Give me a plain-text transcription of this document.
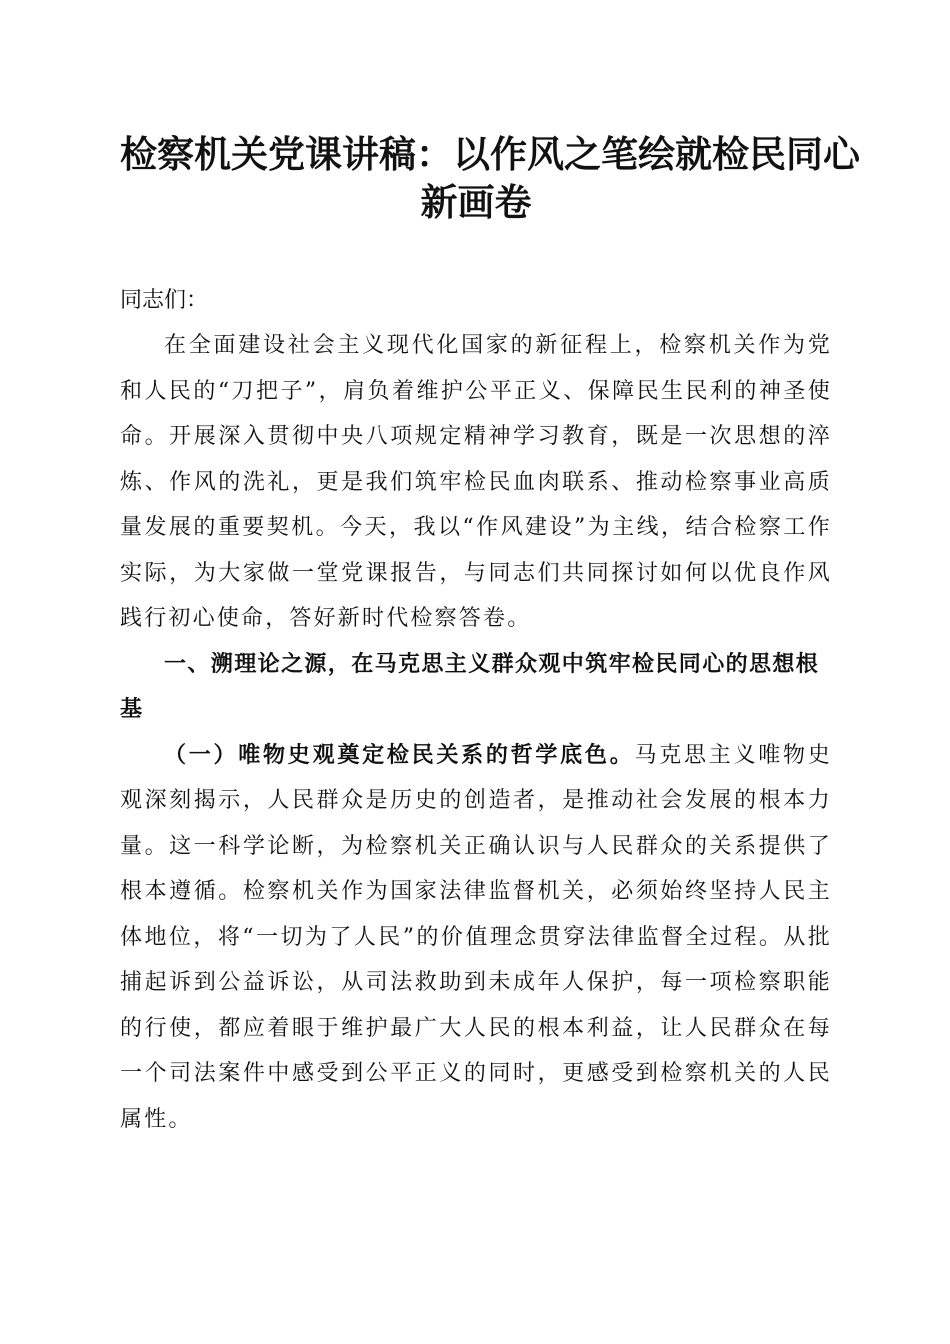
检察机关党课讲稿：以作风之笔绘就检民同心
新画卷

同志们：

在全面建设社会主义现代化国家的新征程上，检察机关作为党和人民的“刀把子”，肩负着维护公平正义、保障民生民利的神圣使命。开展深入贯彻中央八项规定精神学习教育，既是一次思想的淬炼、作风的洗礼，更是我们筑牢检民血肉联系、推动检察事业高质量发展的重要契机。今天，我以“作风建设”为主线，结合检察工作实际，为大家做一堂党课报告，与同志们共同探讨如何以优良作风践行初心使命，答好新时代检察答卷。

一、溯理论之源，在马克思主义群众观中筑牢检民同心的思想根基

（一）唯物史观奠定检民关系的哲学底色。马克思主义唯物史观深刻揭示，人民群众是历史的创造者，是推动社会发展的根本力量。这一科学论断，为检察机关正确认识与人民群众的关系提供了根本遵循。检察机关作为国家法律监督机关，必须始终坚持人民主体地位，将“一切为了人民”的价值理念贯穿法律监督全过程。从批捕起诉到公益诉讼，从司法救助到未成年人保护，每一项检察职能的行使，都应着眼于维护最广大人民的根本利益，让人民群众在每一个司法案件中感受到公平正义的同时，更感受到检察机关的人民属性。
